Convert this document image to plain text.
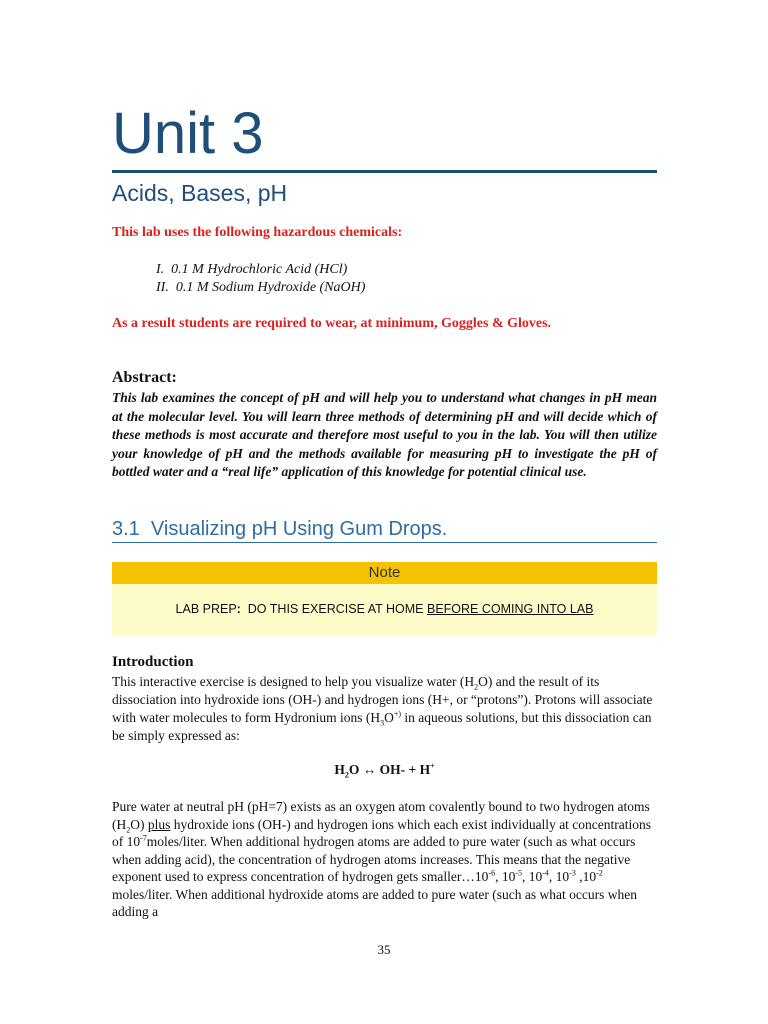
Unit 3
Acids, Bases, pH

This lab uses the following hazardous chemicals:

I.  0.1 M Hydrochloric Acid (HCl)
II.  0.1 M Sodium Hydroxide (NaOH)

As a result students are required to wear, at minimum, Goggles & Gloves.

Abstract:

This lab examines the concept of pH and will help you to understand what changes in pH mean at the molecular level. You will learn three methods of determining pH and will decide which of these methods is most accurate and therefore most useful to you in the lab. You will then utilize your knowledge of pH and the methods available for measuring pH to investigate the pH of bottled water and a “real life” application of this knowledge for potential clinical use.

3.1  Visualizing pH Using Gum Drops.
Note
LAB PREP:  DO THIS EXERCISE AT HOME BEFORE COMING INTO LAB

Introduction

This interactive exercise is designed to help you visualize water $(H_2O)$ and the result of its dissociation into hydroxide ions (OH-) and hydrogen ions (H+, or “protons”). Protons will associate with water molecules to form Hydronium ions ($H_3O^{+)}$ in aqueous solutions, but this dissociation can be simply expressed as:

$H_2O$ ↔ OH- + H+

Pure water at neutral pH (pH=7) exists as an oxygen atom covalently bound to two hydrogen atoms $(H_2O)$ plus hydroxide ions (OH-) and hydrogen ions which each exist individually at concentrations of $10^{-7}moles$/liter. When additional hydrogen atoms are added to pure water (such as what occurs when adding acid), the concentration of hydrogen atoms increases. This means that the negative exponent used to express concentration of hydrogen gets $smaller\dots 10^{-6}$, $10^{-5}$, $10^{-4}$, $10^{-3}$ $,10^{-2}$ moles/liter. When additional hydroxide atoms are added to pure water (such as what occurs when adding a

35
